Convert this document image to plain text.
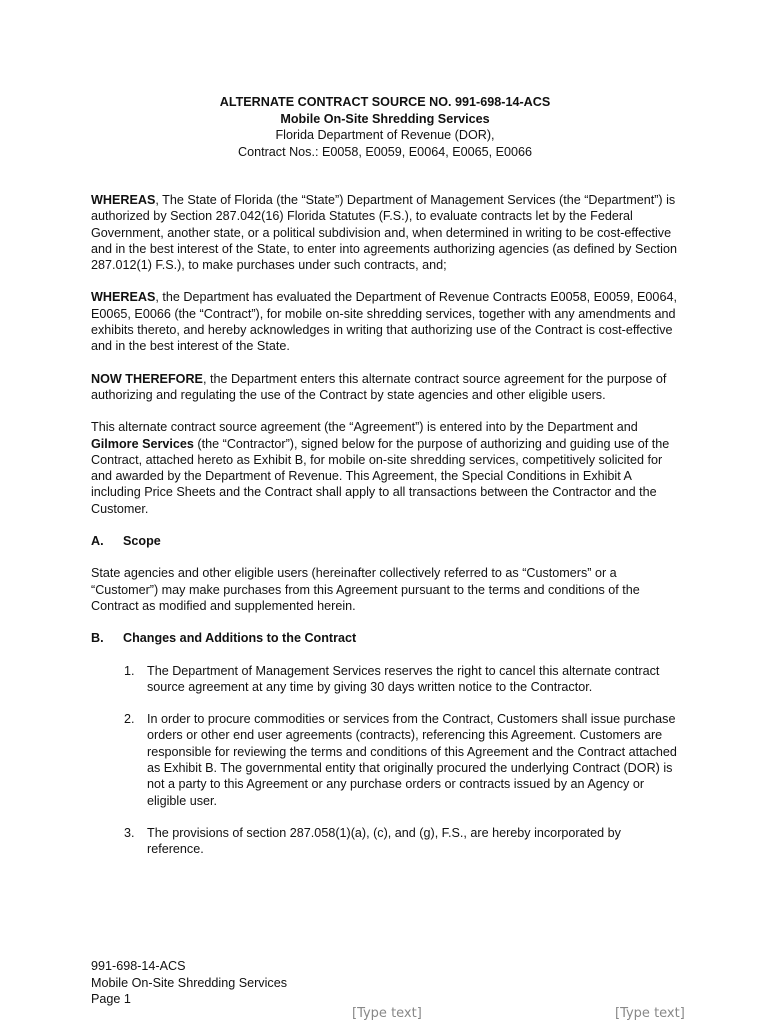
ALTERNATE CONTRACT SOURCE NO. 991-698-14-ACS
Mobile On-Site Shredding Services
Florida Department of Revenue (DOR),
Contract Nos.: E0058, E0059, E0064, E0065, E0066

WHEREAS, The State of Florida (the “State”) Department of Management Services (the “Department”) is authorized by Section 287.042(16) Florida Statutes (F.S.), to evaluate contracts let by the Federal Government, another state, or a political subdivision and, when determined in writing to be cost-effective and in the best interest of the State, to enter into agreements authorizing agencies (as defined by Section 287.012(1) F.S.), to make purchases under such contracts, and;

WHEREAS, the Department has evaluated the Department of Revenue Contracts E0058, E0059, E0064, E0065, E0066 (the “Contract”), for mobile on-site shredding services, together with any amendments and exhibits thereto, and hereby acknowledges in writing that authorizing use of the Contract is cost-effective and in the best interest of the State.

NOW THEREFORE, the Department enters this alternate contract source agreement for the purpose of authorizing and regulating the use of the Contract by state agencies and other eligible users.

This alternate contract source agreement (the “Agreement”) is entered into by the Department and Gilmore Services (the “Contractor”), signed below for the purpose of authorizing and guiding use of the Contract, attached hereto as Exhibit B, for mobile on-site shredding services, competitively solicited for and awarded by the Department of Revenue. This Agreement, the Special Conditions in Exhibit A including Price Sheets and the Contract shall apply to all transactions between the Contractor and the Customer.

A. Scope

State agencies and other eligible users (hereinafter collectively referred to as “Customers” or a “Customer”) may make purchases from this Agreement pursuant to the terms and conditions of the Contract as modified and supplemented herein.

B. Changes and Additions to the Contract
1. The Department of Management Services reserves the right to cancel this alternate contract source agreement at any time by giving 30 days written notice to the Contractor.
2. In order to procure commodities or services from the Contract, Customers shall issue purchase orders or other end user agreements (contracts), referencing this Agreement. Customers are responsible for reviewing the terms and conditions of this Agreement and the Contract attached as Exhibit B. The governmental entity that originally procured the underlying Contract (DOR) is not a party to this Agreement or any purchase orders or contracts issued by an Agency or eligible user.
3. The provisions of section 287.058(1)(a), (c), and (g), F.S., are hereby incorporated by reference.
991-698-14-ACS
Mobile On-Site Shredding Services
Page 1
[Type text]	[Type text]
